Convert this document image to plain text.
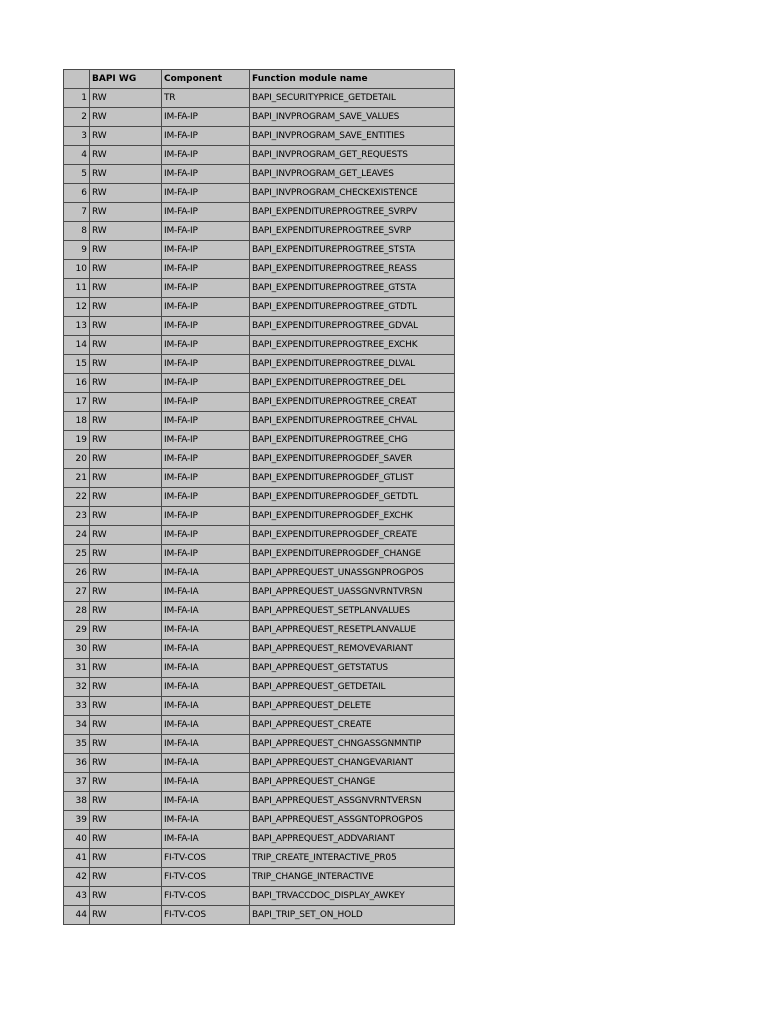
	BAPI WG	Component	Function module name
1	RW	TR	BAPI_SECURITYPRICE_GETDETAIL
2	RW	IM-FA-IP	BAPI_INVPROGRAM_SAVE_VALUES
3	RW	IM-FA-IP	BAPI_INVPROGRAM_SAVE_ENTITIES
4	RW	IM-FA-IP	BAPI_INVPROGRAM_GET_REQUESTS
5	RW	IM-FA-IP	BAPI_INVPROGRAM_GET_LEAVES
6	RW	IM-FA-IP	BAPI_INVPROGRAM_CHECKEXISTENCE
7	RW	IM-FA-IP	BAPI_EXPENDITUREPROGTREE_SVRPV
8	RW	IM-FA-IP	BAPI_EXPENDITUREPROGTREE_SVRP
9	RW	IM-FA-IP	BAPI_EXPENDITUREPROGTREE_STSTA
10	RW	IM-FA-IP	BAPI_EXPENDITUREPROGTREE_REASS
11	RW	IM-FA-IP	BAPI_EXPENDITUREPROGTREE_GTSTA
12	RW	IM-FA-IP	BAPI_EXPENDITUREPROGTREE_GTDTL
13	RW	IM-FA-IP	BAPI_EXPENDITUREPROGTREE_GDVAL
14	RW	IM-FA-IP	BAPI_EXPENDITUREPROGTREE_EXCHK
15	RW	IM-FA-IP	BAPI_EXPENDITUREPROGTREE_DLVAL
16	RW	IM-FA-IP	BAPI_EXPENDITUREPROGTREE_DEL
17	RW	IM-FA-IP	BAPI_EXPENDITUREPROGTREE_CREAT
18	RW	IM-FA-IP	BAPI_EXPENDITUREPROGTREE_CHVAL
19	RW	IM-FA-IP	BAPI_EXPENDITUREPROGTREE_CHG
20	RW	IM-FA-IP	BAPI_EXPENDITUREPROGDEF_SAVER
21	RW	IM-FA-IP	BAPI_EXPENDITUREPROGDEF_GTLIST
22	RW	IM-FA-IP	BAPI_EXPENDITUREPROGDEF_GETDTL
23	RW	IM-FA-IP	BAPI_EXPENDITUREPROGDEF_EXCHK
24	RW	IM-FA-IP	BAPI_EXPENDITUREPROGDEF_CREATE
25	RW	IM-FA-IP	BAPI_EXPENDITUREPROGDEF_CHANGE
26	RW	IM-FA-IA	BAPI_APPREQUEST_UNASSGNPROGPOS
27	RW	IM-FA-IA	BAPI_APPREQUEST_UASSGNVRNTVRSN
28	RW	IM-FA-IA	BAPI_APPREQUEST_SETPLANVALUES
29	RW	IM-FA-IA	BAPI_APPREQUEST_RESETPLANVALUE
30	RW	IM-FA-IA	BAPI_APPREQUEST_REMOVEVARIANT
31	RW	IM-FA-IA	BAPI_APPREQUEST_GETSTATUS
32	RW	IM-FA-IA	BAPI_APPREQUEST_GETDETAIL
33	RW	IM-FA-IA	BAPI_APPREQUEST_DELETE
34	RW	IM-FA-IA	BAPI_APPREQUEST_CREATE
35	RW	IM-FA-IA	BAPI_APPREQUEST_CHNGASSGNMNTIP
36	RW	IM-FA-IA	BAPI_APPREQUEST_CHANGEVARIANT
37	RW	IM-FA-IA	BAPI_APPREQUEST_CHANGE
38	RW	IM-FA-IA	BAPI_APPREQUEST_ASSGNVRNTVERSN
39	RW	IM-FA-IA	BAPI_APPREQUEST_ASSGNTOPROGPOS
40	RW	IM-FA-IA	BAPI_APPREQUEST_ADDVARIANT
41	RW	FI-TV-COS	TRIP_CREATE_INTERACTIVE_PR05
42	RW	FI-TV-COS	TRIP_CHANGE_INTERACTIVE
43	RW	FI-TV-COS	BAPI_TRVACCDOC_DISPLAY_AWKEY
44	RW	FI-TV-COS	BAPI_TRIP_SET_ON_HOLD
